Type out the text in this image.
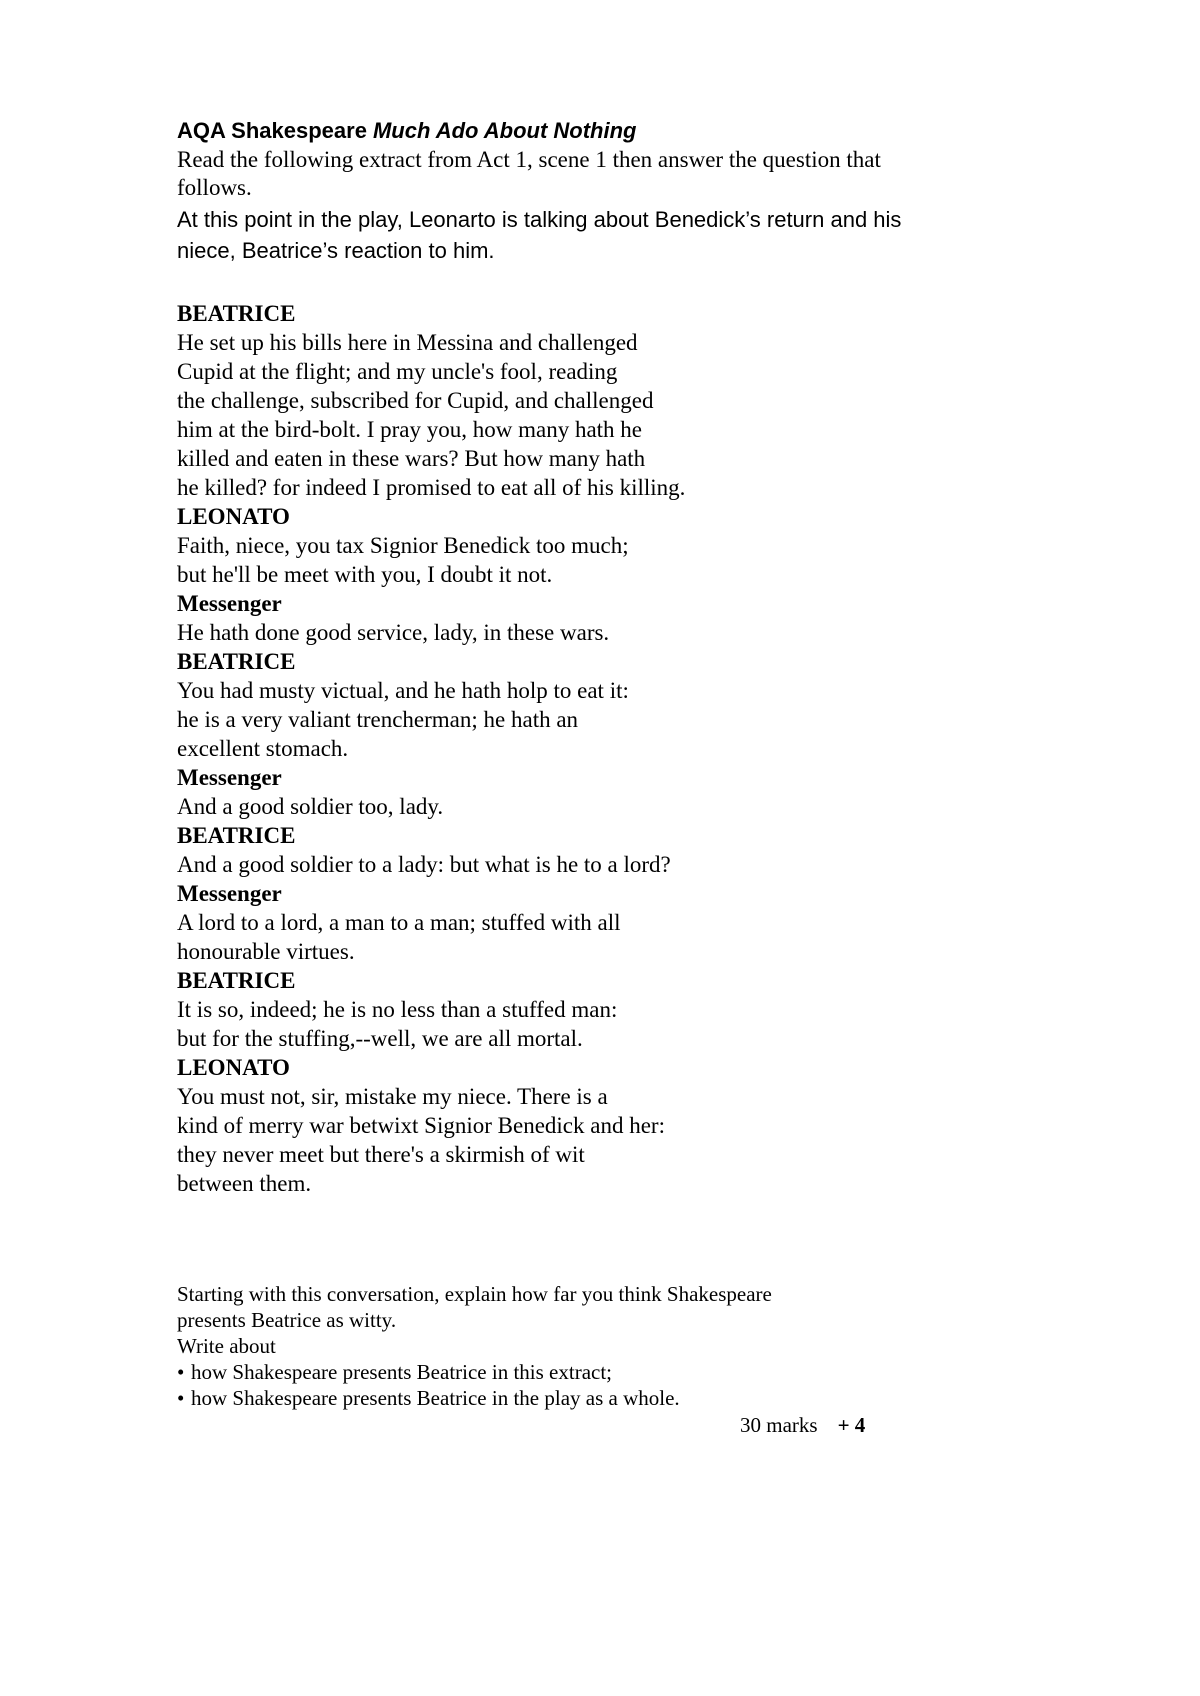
AQA Shakespeare Much Ado About Nothing
Read the following extract from Act 1, scene 1 then answer the question that
follows.
At this point in the play, Leonarto is talking about Benedick’s return and his
niece, Beatrice’s reaction to him.
BEATRICE
He set up his bills here in Messina and challenged
Cupid at the flight; and my uncle's fool, reading
the challenge, subscribed for Cupid, and challenged
him at the bird-bolt. I pray you, how many hath he
killed and eaten in these wars? But how many hath
he killed? for indeed I promised to eat all of his killing.
LEONATO
Faith, niece, you tax Signior Benedick too much;
but he'll be meet with you, I doubt it not.
Messenger
He hath done good service, lady, in these wars.
BEATRICE
You had musty victual, and he hath holp to eat it:
he is a very valiant trencherman; he hath an
excellent stomach.
Messenger
And a good soldier too, lady.
BEATRICE
And a good soldier to a lady: but what is he to a lord?
Messenger
A lord to a lord, a man to a man; stuffed with all
honourable virtues.
BEATRICE
It is so, indeed; he is no less than a stuffed man:
but for the stuffing,--well, we are all mortal.
LEONATO
You must not, sir, mistake my niece. There is a
kind of merry war betwixt Signior Benedick and her:
they never meet but there's a skirmish of wit
between them.
Starting with this conversation, explain how far you think Shakespeare
presents Beatrice as witty.
Write about
• how Shakespeare presents Beatrice in this extract;
• how Shakespeare presents Beatrice in the play as a whole.
30 marks + 4
